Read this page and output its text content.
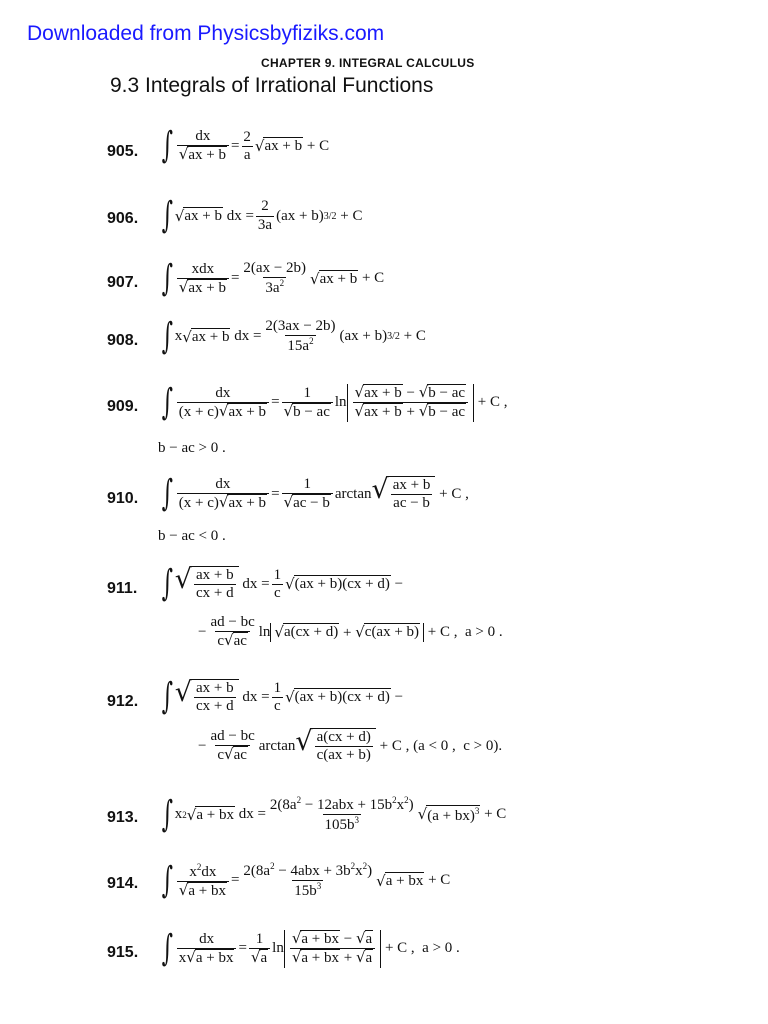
Downloaded from Physicsbyfiziks.com
CHAPTER 9. INTEGRAL CALCULUS
9.3 Integrals of Irrational Functions
905. ∫ $\frac{dx}{√ ax + b} = \frac{2}{a}$ √ ax + b + C
906. ∫ √ ax + b dx = $\frac{2}{3a} (ax + b) 3/2 + C$
907. ∫ $\frac{\text{xdx}}{√ ax + b} = \frac{2(ax - 2b)}{3a^2}$ √ ax + b + C
908. ∫ x √ ax + b dx = $\frac{2(3ax - 2b)}{15a^2} (ax + b) 3/2 + C$
909. ∫ $\frac{dx}{(x + c) √ ax + b} = \frac{1}{√ b - ac}$ $\ln \frac{√ ax + b - √ b - ac}{√ ax + b + √ b - ac} + C$ ,
b − ac > 0 .
910. ∫ $\frac{dx}{(x + c) √ ax + b} = \frac{1}{√ ac - b}$ arctan √ $\frac{ax + b}{ac - b} + C$ ,
b − ac < 0 .
911. ∫ √ $\frac{ax + b}{cx + d}$ dx = $\frac{1}{c}$ √ (ax + b)(cx + d) −
− $\frac{ad - bc}{c √ ac}$ ln √ a(cx + d) + √ c(ax + b) + C ,  a > 0 .
912. ∫ √ $\frac{ax + b}{cx + d}$ dx = $\frac{1}{c}$ √ (ax + b)(cx + d) −
− $\frac{ad - bc}{c √ ac}$ arctan √ $\frac{a(cx + d)}{c(ax + b)} + C$ , (a < 0 ,  c > 0).
913. ∫ x 2 √ a + bx dx = $\frac{2(8a^2 - 12abx + 15b^2x^2)}{105b^3}$ √ (a + bx)$^3$ + C
914. ∫ $\frac{x^2dx}{√ a + bx} = \frac{2(8a^2 - 4abx + 3b^2x^2)}{15b^3}$ √ a + bx + C
915. ∫ $\frac{dx}{x √ a + bx} = \frac{1}{√ a}$ $\ln \frac{√ a + bx - √ a}{√ a + bx + √ a} + C$ ,  a > 0 .
